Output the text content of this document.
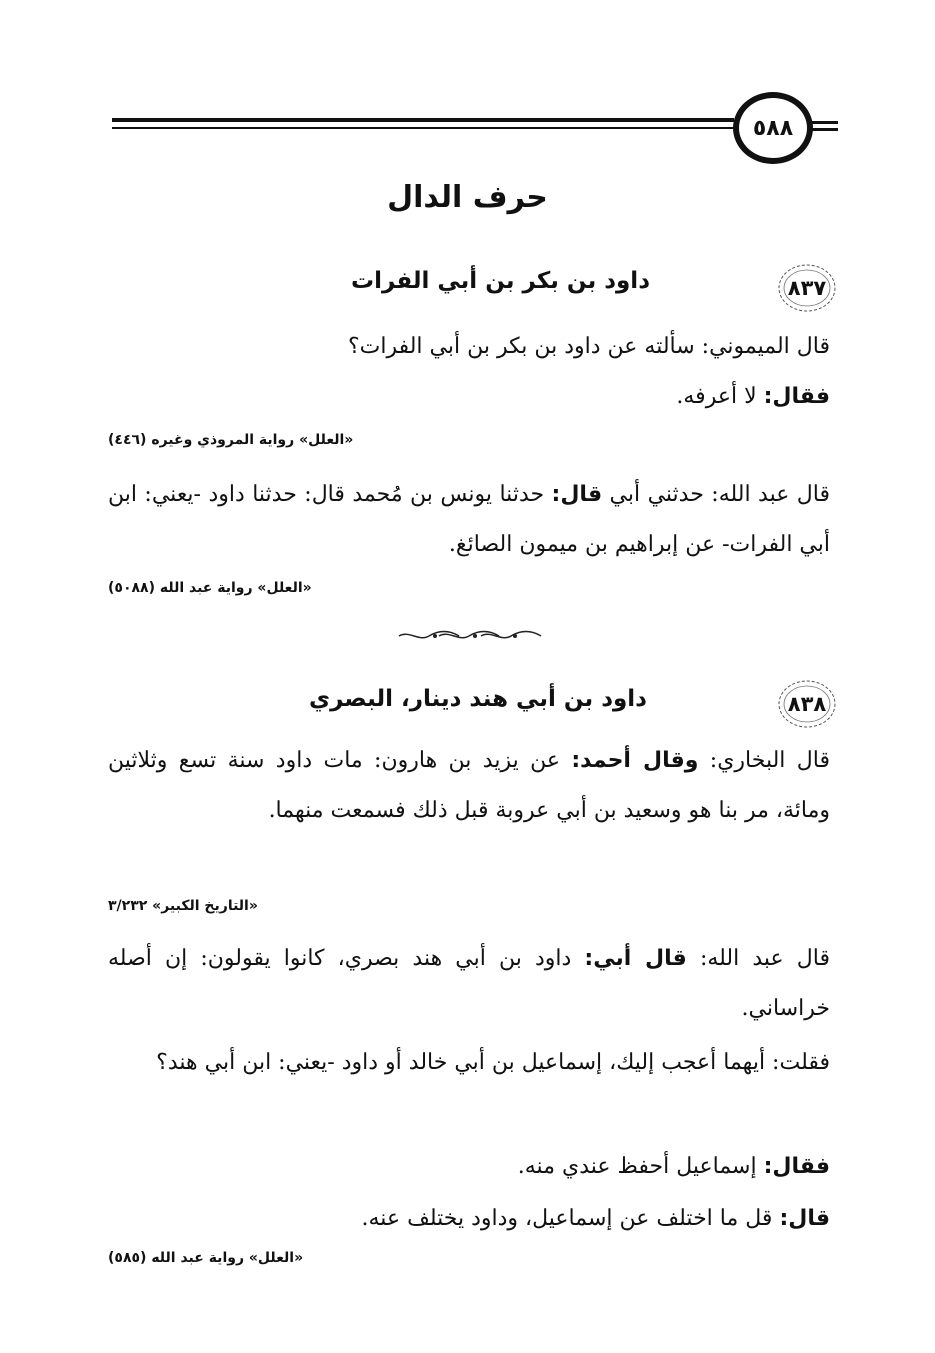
٥٨٨
حرف الدال
٨٣٧
داود بن بكر بن أبي الفرات
قال الميموني: سألته عن داود بن بكر بن أبي الفرات؟
فقال: لا أعرفه.
«العلل» رواية المروذي وغيره (٤٤٦)
قال عبد الله: حدثني أبي قال: حدثنا يونس بن مُحمد قال: حدثنا داود -يعني: ابن أبي الفرات- عن إبراهيم بن ميمون الصائغ.
«العلل» رواية عبد الله (٥٠٨٨)
٨٣٨
داود بن أبي هند دينار، البصري
قال البخاري: وقال أحمد: عن يزيد بن هارون: مات داود سنة تسع وثلاثين ومائة، مر بنا هو وسعيد بن أبي عروبة قبل ذلك فسمعت منهما.
«التاريخ الكبير» ٣/٢٣٢
قال عبد الله: قال أبي: داود بن أبي هند بصري، كانوا يقولون: إن أصله خراساني.
فقلت: أيهما أعجب إليك، إسماعيل بن أبي خالد أو داود -يعني: ابن أبي هند؟
فقال: إسماعيل أحفظ عندي منه.
قال: قل ما اختلف عن إسماعيل، وداود يختلف عنه.
«العلل» رواية عبد الله (٥٨٥)
